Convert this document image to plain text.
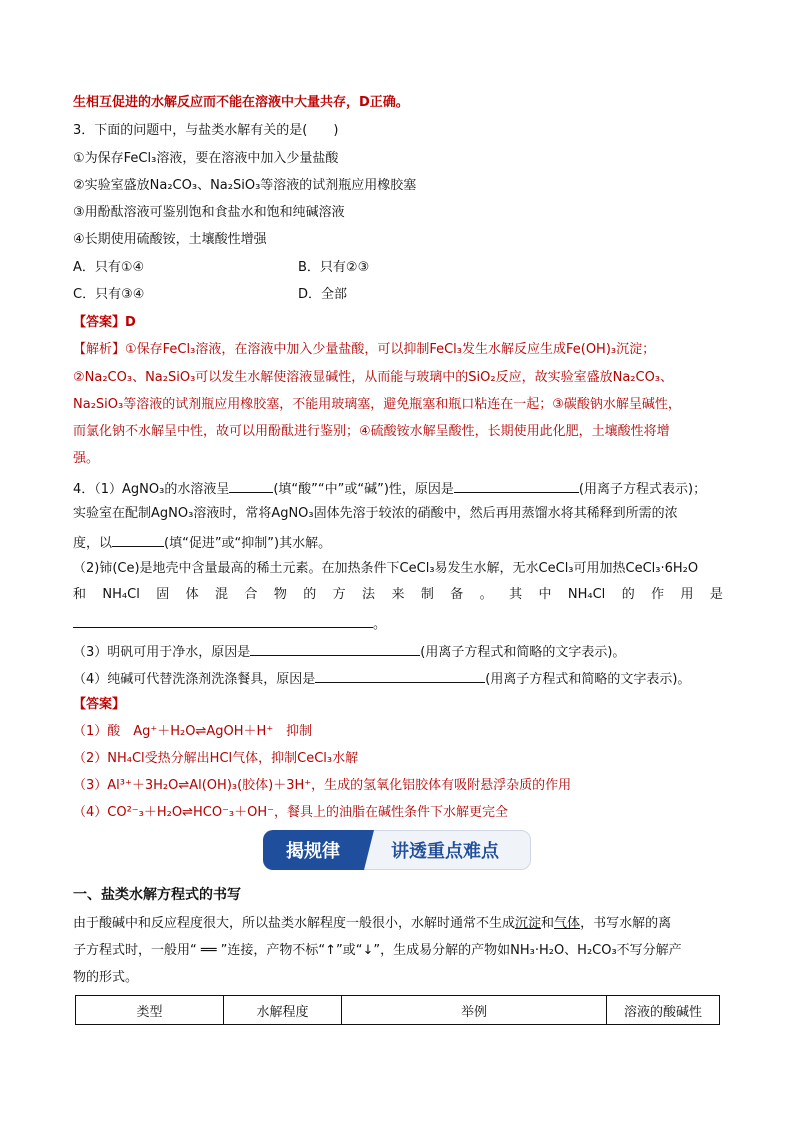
生相互促进的水解反应而不能在溶液中大量共存，D正确。
3．下面的问题中，与盐类水解有关的是(　　)
①为保存FeCl₃溶液，要在溶液中加入少量盐酸
②实验室盛放Na₂CO₃、Na₂SiO₃等溶液的试剂瓶应用橡胶塞
③用酚酞溶液可鉴别饱和食盐水和饱和纯碱溶液
④长期使用硫酸铵，土壤酸性增强
A．只有①④	B．只有②③
C．只有③④	D．全部
【答案】D
【解析】①保存FeCl₃溶液，在溶液中加入少量盐酸，可以抑制FeCl₃发生水解反应生成Fe(OH)₃沉淀；
②Na₂CO₃、Na₂SiO₃可以发生水解使溶液显碱性，从而能与玻璃中的SiO₂反应，故实验室盛放Na₂CO₃、
Na₂SiO₃等溶液的试剂瓶应用橡胶塞，不能用玻璃塞，避免瓶塞和瓶口粘连在一起；③碳酸钠水解呈碱性，
而氯化钠不水解呈中性，故可以用酚酞进行鉴别；④硫酸铵水解呈酸性，长期使用此化肥，土壤酸性将增
强。
4．（1）AgNO₃的水溶液呈	(填“酸”“中”或“碱”)性，原因是	(用离子方程式表示)；
实验室在配制AgNO₃溶液时，常将AgNO₃固体先溶于较浓的硝酸中，然后再用蒸馏水将其稀释到所需的浓
度，以	(填“促进”或“抑制”)其水解。
（2)铈(Ce)是地壳中含量最高的稀土元素。在加热条件下CeCl₃易发生水解，无水CeCl₃可用加热CeCl₃·6H₂O
和 NH₄Cl 固 体 混 合 物 的 方 法 来 制 备 。 其 中 NH₄Cl 的 作 用 是
。
（3）明矾可用于净水，原因是	(用离子方程式和简略的文字表示)。
（4）纯碱可代替洗涤剂洗涤餐具，原因是	(用离子方程式和简略的文字表示)。
【答案】
（1）酸　Ag⁺＋H₂O⇌AgOH＋H⁺　抑制
（2）NH₄Cl受热分解出HCl气体，抑制CeCl₃水解
（3）Al³⁺＋3H₂O⇌Al(OH)₃(胶体)＋3H⁺，生成的氢氧化铝胶体有吸附悬浮杂质的作用
（4）CO²⁻₃＋H₂O⇌HCO⁻₃＋OH⁻，餐具上的油脂在碱性条件下水解更完全
讲透重点难点
揭规律
一、盐类水解方程式的书写
由于酸碱中和反应程度很大，所以盐类水解程度一般很小，水解时通常不生成沉淀和气体，书写水解的离
子方程式时，一般用“ ══ ”连接，产物不标“↑”或“↓”，生成易分解的产物如NH₃·H₂O、H₂CO₃不写分解产
物的形式。
类型	水解程度	举例	溶液的酸碱性
